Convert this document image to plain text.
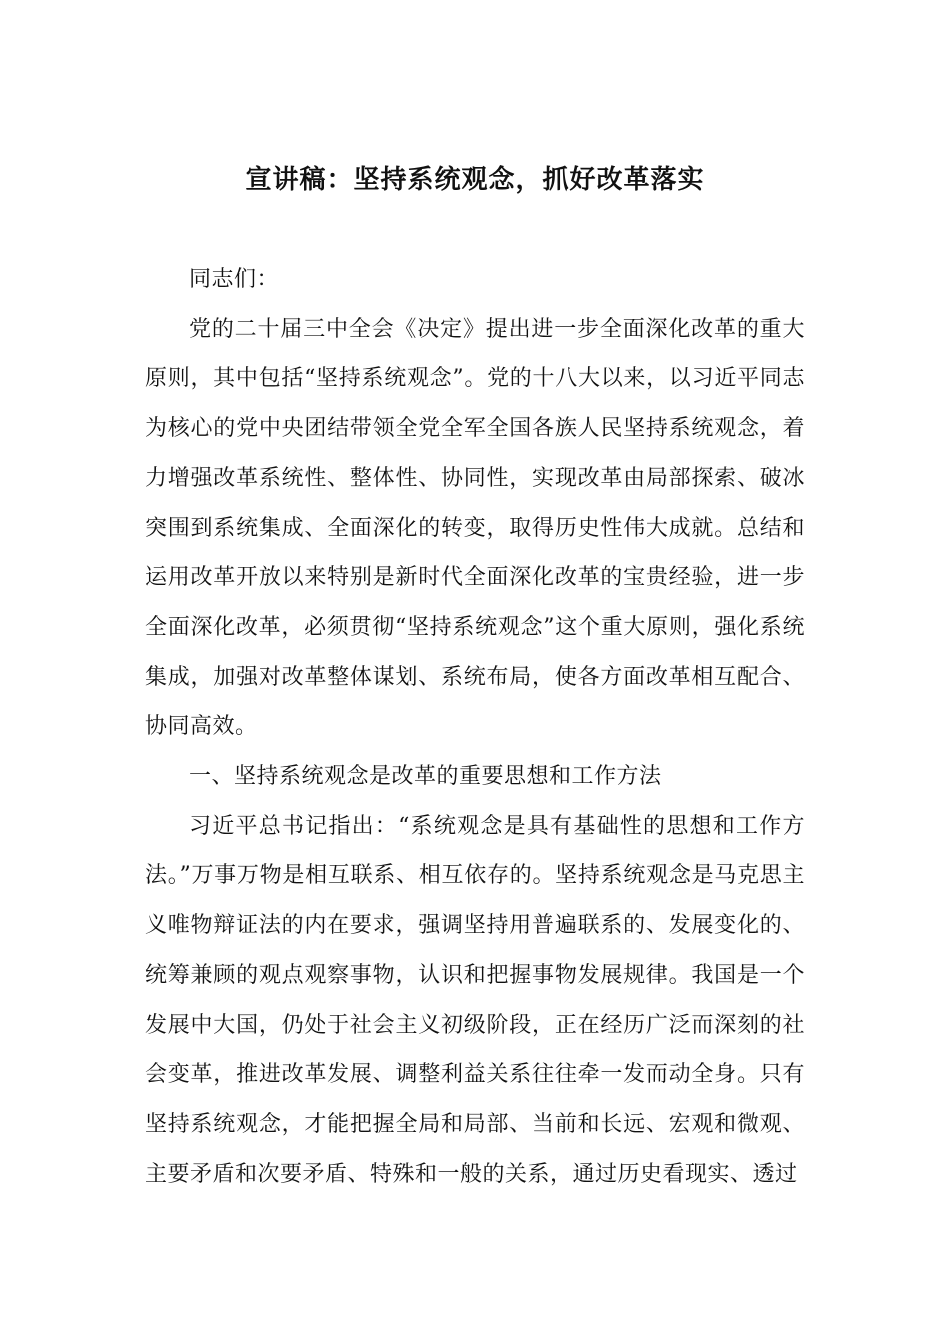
宣讲稿：坚持系统观念，抓好改革落实

同志们：

党的二十届三中全会《决定》提出进一步全面深化改革的重大原则，其中包括“坚持系统观念”。党的十八大以来，以习近平同志为核心的党中央团结带领全党全军全国各族人民坚持系统观念，着力增强改革系统性、整体性、协同性，实现改革由局部探索、破冰突围到系统集成、全面深化的转变，取得历史性伟大成就。总结和运用改革开放以来特别是新时代全面深化改革的宝贵经验，进一步全面深化改革，必须贯彻“坚持系统观念”这个重大原则，强化系统集成，加强对改革整体谋划、系统布局，使各方面改革相互配合、协同高效。

一、坚持系统观念是改革的重要思想和工作方法

习近平总书记指出：“系统观念是具有基础性的思想和工作方法。”万事万物是相互联系、相互依存的。坚持系统观念是马克思主义唯物辩证法的内在要求，强调坚持用普遍联系的、发展变化的、统筹兼顾的观点观察事物，认识和把握事物发展规律。我国是一个发展中大国，仍处于社会主义初级阶段，正在经历广泛而深刻的社会变革，推进改革发展、调整利益关系往往牵一发而动全身。只有坚持系统观念，才能把握全局和局部、当前和长远、宏观和微观、主要矛盾和次要矛盾、特殊和一般的关系，通过历史看现实、透过
